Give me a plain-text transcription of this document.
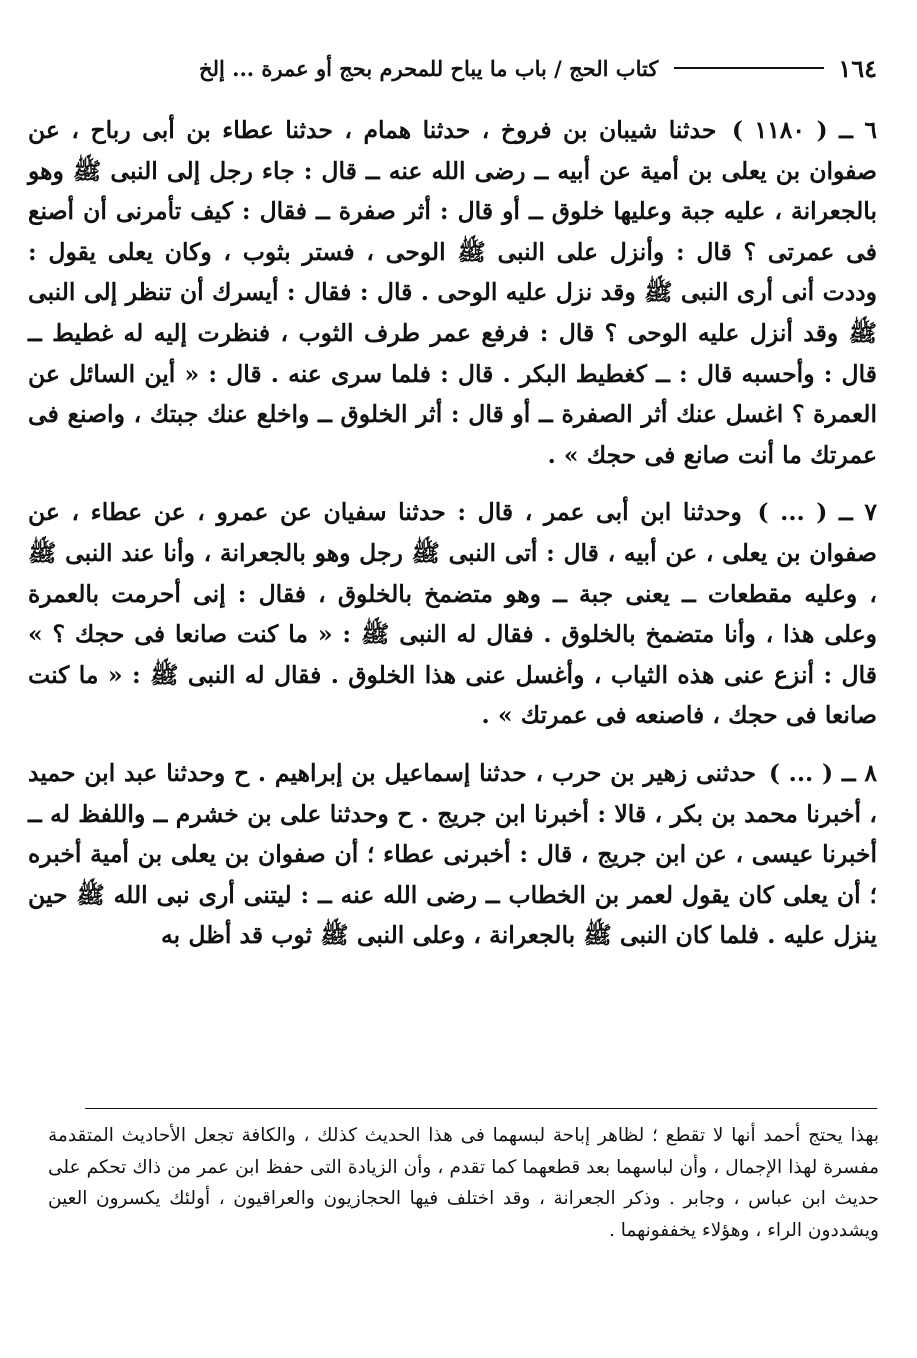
١٦٤
كتاب الحج / باب ما يباح للمحرم بحج أو عمرة ... إلخ

٦ ــ ( ١١٨٠ ) حدثنا شيبان بن فروخ ، حدثنا همام ، حدثنا عطاء بن أبى رباح ، عن صفوان بن يعلى بن أمية عن أبيه ــ رضى الله عنه ــ قال : جاء رجل إلى النبى ﷺ وهو بالجعرانة ، عليه جبة وعليها خلوق ــ أو قال : أثر صفرة ــ فقال : كيف تأمرنى أن أصنع فى عمرتى ؟ قال : وأنزل على النبى ﷺ الوحى ، فستر بثوب ، وكان يعلى يقول : وددت أنى أرى النبى ﷺ وقد نزل عليه الوحى . قال : فقال : أيسرك أن تنظر إلى النبى ﷺ وقد أنزل عليه الوحى ؟ قال : فرفع عمر طرف الثوب ، فنظرت إليه له غطيط ــ قال : وأحسبه قال : ــ كغطيط البكر . قال : فلما سرى عنه . قال : « أين السائل عن العمرة ؟ اغسل عنك أثر الصفرة ــ أو قال : أثر الخلوق ــ واخلع عنك جبتك ، واصنع فى عمرتك ما أنت صانع فى حجك » .

٧ ــ ( ... ) وحدثنا ابن أبى عمر ، قال : حدثنا سفيان عن عمرو ، عن عطاء ، عن صفوان بن يعلى ، عن أبيه ، قال : أتى النبى ﷺ رجل وهو بالجعرانة ، وأنا عند النبى ﷺ ، وعليه مقطعات ــ يعنى جبة ــ وهو متضمخ بالخلوق ، فقال : إنى أحرمت بالعمرة وعلى هذا ، وأنا متضمخ بالخلوق . فقال له النبى ﷺ : « ما كنت صانعا فى حجك ؟ » قال : أنزع عنى هذه الثياب ، وأغسل عنى هذا الخلوق . فقال له النبى ﷺ : « ما كنت صانعا فى حجك ، فاصنعه فى عمرتك » .

٨ ــ ( ... ) حدثنى زهير بن حرب ، حدثنا إسماعيل بن إبراهيم . ح وحدثنا عبد ابن حميد ، أخبرنا محمد بن بكر ، قالا : أخبرنا ابن جريج . ح وحدثنا على بن خشرم ــ واللفظ له ــ أخبرنا عيسى ، عن ابن جريج ، قال : أخبرنى عطاء ؛ أن صفوان بن يعلى بن أمية أخبره ؛ أن يعلى كان يقول لعمر بن الخطاب ــ رضى الله عنه ــ : ليتنى أرى نبى الله ﷺ حين ينزل عليه . فلما كان النبى ﷺ بالجعرانة ، وعلى النبى ﷺ ثوب قد أظل به

بهذا يحتج أحمد أنها لا تقطع ؛ لظاهر إباحة لبسهما فى هذا الحديث كذلك ، والكافة تجعل الأحاديث المتقدمة مفسرة لهذا الإجمال ، وأن لباسهما بعد قطعهما كما تقدم ، وأن الزيادة التى حفظ ابن عمر من ذاك تحكم على حديث ابن عباس ، وجابر . وذكر الجعرانة ، وقد اختلف فيها الحجازيون والعراقيون ، أولئك يكسرون العين ويشددون الراء ، وهؤلاء يخففونهما .
